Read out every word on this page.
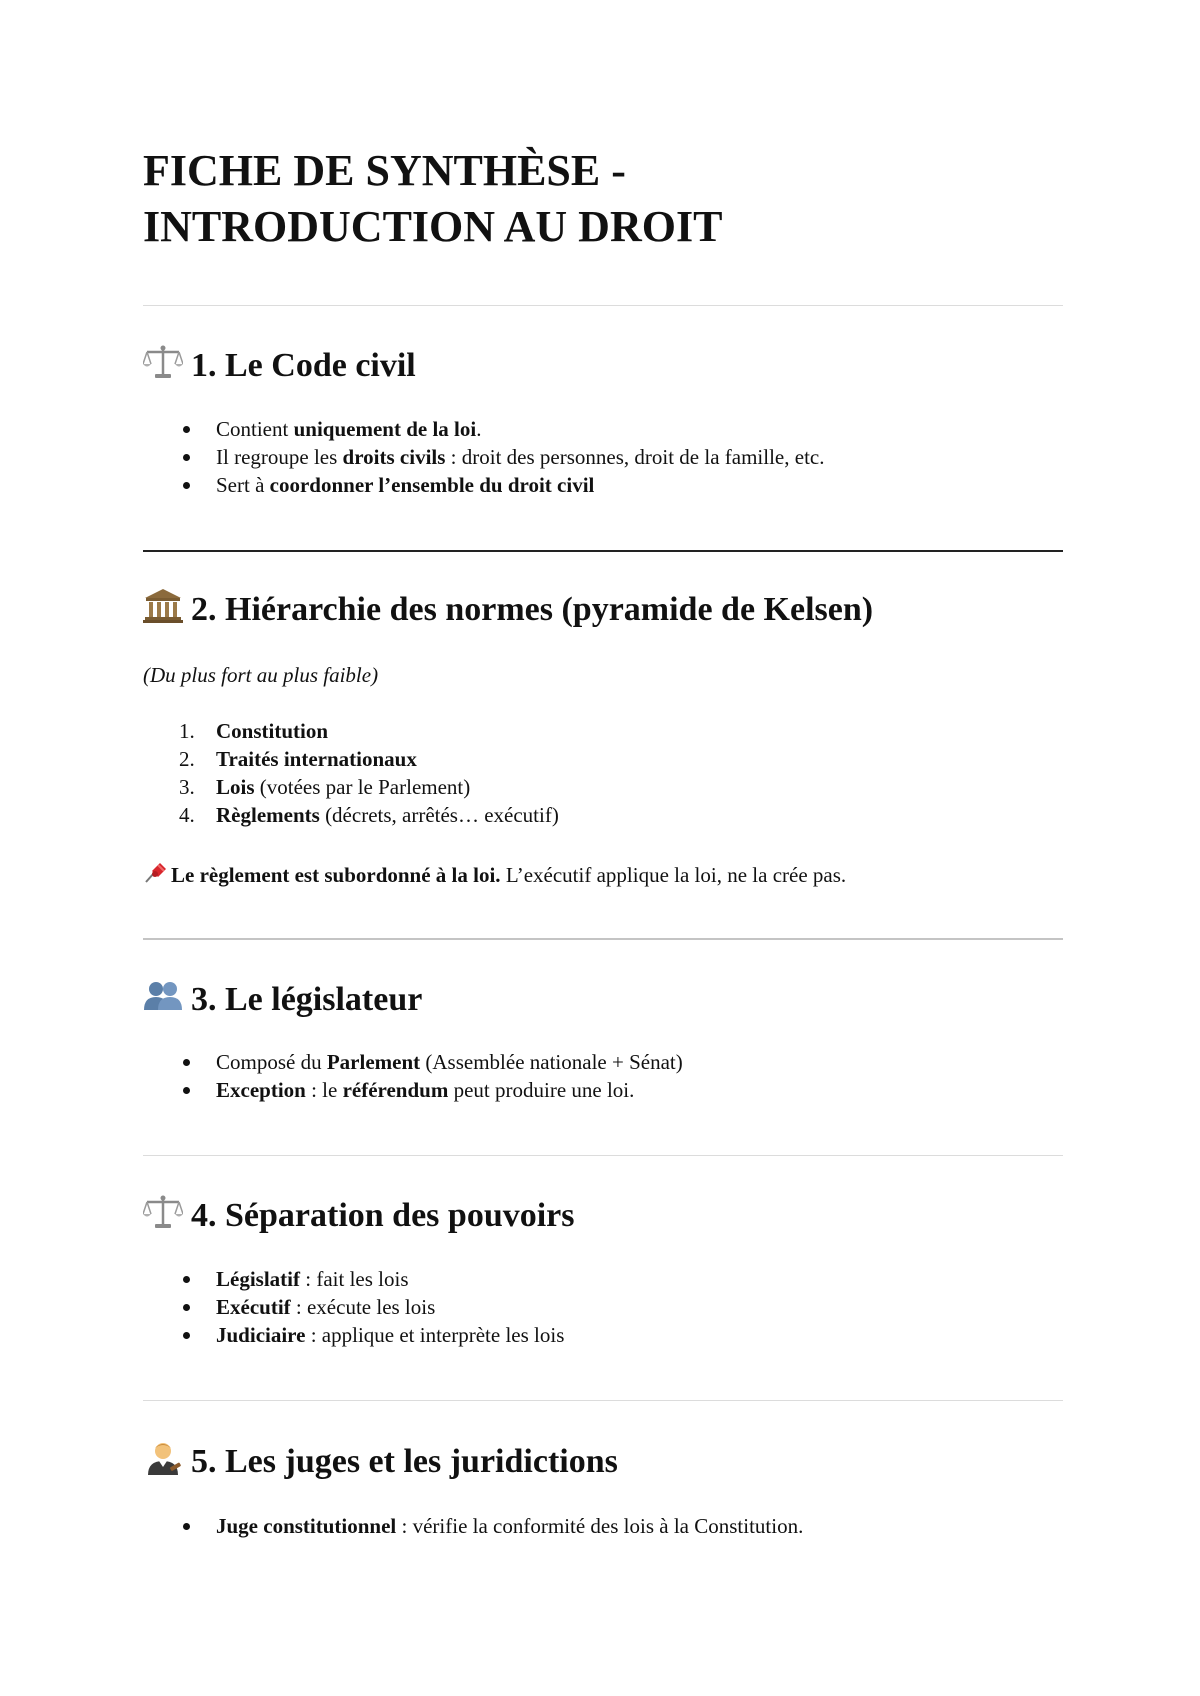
FICHE DE SYNTHÈSE -
INTRODUCTION AU DROIT
1. Le Code civil
Contient uniquement de la loi.
Il regroupe les droits civils : droit des personnes, droit de la famille, etc.
Sert à coordonner l’ensemble du droit civil
2. Hiérarchie des normes (pyramide de Kelsen)

(Du plus fort au plus faible)

1. Constitution
2. Traités internationaux
3. Lois (votées par le Parlement)
4. Règlements (décrets, arrêtés… exécutif)

Le règlement est subordonné à la loi. L’exécutif applique la loi, ne la crée pas.

3. Le législateur
Composé du Parlement (Assemblée nationale + Sénat)
Exception : le référendum peut produire une loi.
4. Séparation des pouvoirs
Législatif : fait les lois
Exécutif : exécute les lois
Judiciaire : applique et interprète les lois
5. Les juges et les juridictions
Juge constitutionnel : vérifie la conformité des lois à la Constitution.
